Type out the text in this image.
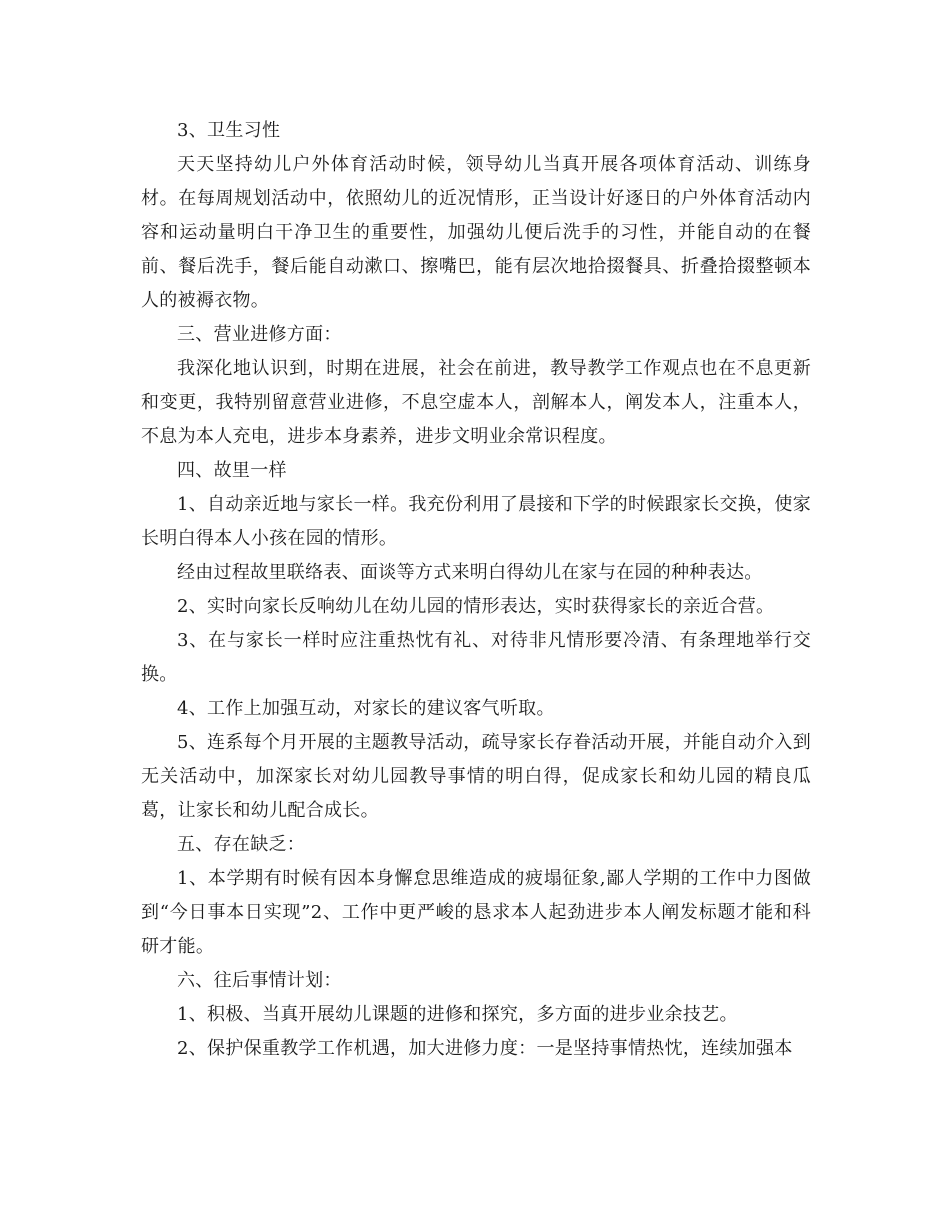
3、卫生习性

天天坚持幼儿户外体育活动时候，领导幼儿当真开展各项体育活动、训练身材。在每周规划活动中，依照幼儿的近况情形，正当设计好逐日的户外体育活动内容和运动量明白干净卫生的重要性，加强幼儿便后洗手的习性，并能自动的在餐前、餐后洗手，餐后能自动漱口、擦嘴巴，能有层次地拾掇餐具、折叠拾掇整顿本人的被褥衣物。

三、营业进修方面：

我深化地认识到，时期在进展，社会在前进，教导教学工作观点也在不息更新和变更，我特别留意营业进修，不息空虚本人，剖解本人，阐发本人，注重本人，不息为本人充电，进步本身素养，进步文明业余常识程度。

四、故里一样

1、自动亲近地与家长一样。我充份利用了晨接和下学的时候跟家长交换，使家长明白得本人小孩在园的情形。

经由过程故里联络表、面谈等方式来明白得幼儿在家与在园的种种表达。

2、实时向家长反响幼儿在幼儿园的情形表达，实时获得家长的亲近合营。

3、在与家长一样时应注重热忱有礼、对待非凡情形要冷清、有条理地举行交换。

4、工作上加强互动，对家长的建议客气听取。

5、连系每个月开展的主题教导活动，疏导家长存眷活动开展，并能自动介入到无关活动中，加深家长对幼儿园教导事情的明白得，促成家长和幼儿园的精良瓜葛，让家长和幼儿配合成长。

五、存在缺乏：

1、本学期有时候有因本身懈怠思维造成的疲塌征象,鄙人学期的工作中力图做到“今日事本日实现”2、工作中更严峻的恳求本人起劲进步本人阐发标题才能和科研才能。

六、往后事情计划：

1、积极、当真开展幼儿课题的进修和探究，多方面的进步业余技艺。

2、保护保重教学工作机遇，加大进修力度：一是坚持事情热忱，连续加强本
